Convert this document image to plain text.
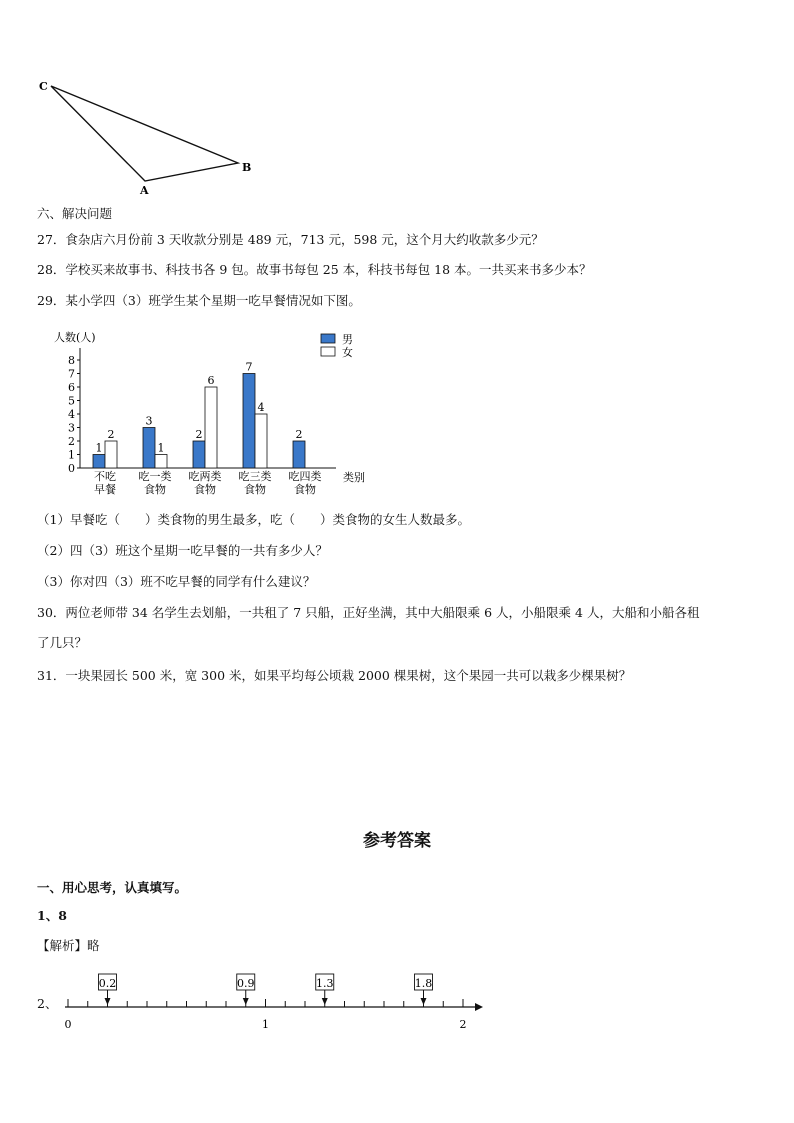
C
B
A
六、解决问题
27．食杂店六月份前 3 天收款分别是 489 元，713 元，598 元，这个月大约收款多少元？
28．学校买来故事书、科技书各 9 包。故事书每包 25 本，科技书每包 18 本。一共买来书多少本？
29．某小学四（3）班学生某个星期一吃早餐情况如下图。
人数(人)
0
1
2
3
4
5
6
7
8
1
2
3
1
2
6
7
4
2
不吃
早餐
吃一类
食物
吃两类
食物
吃三类
食物
吃四类
食物
类别
男
女
（1）早餐吃（　　）类食物的男生最多，吃（　　）类食物的女生人数最多。
（2）四（3）班这个星期一吃早餐的一共有多少人？
（3）你对四（3）班不吃早餐的同学有什么建议？
30．两位老师带 34 名学生去划船，一共租了 7 只船，正好坐满，其中大船限乘 6 人，小船限乘 4 人，大船和小船各租
了几只？
31．一块果园长 500 米，宽 300 米，如果平均每公顷栽 2000 棵果树，这个果园一共可以栽多少棵果树？
参考答案
一、用心思考，认真填写。
1、8
【解析】略
2、
0	1	2
0.2	0.9	1.3	1.8
